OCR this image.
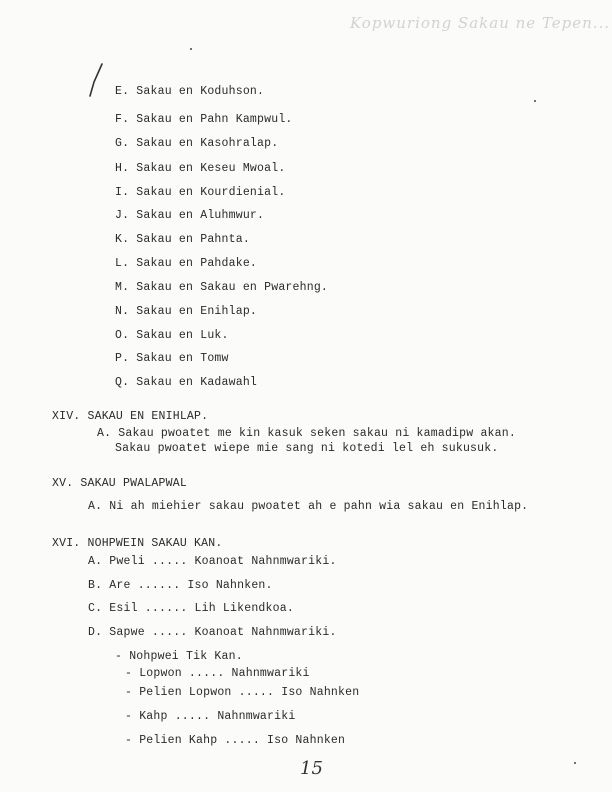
Kopwuriong Sakau ne Tepen...
E. Sakau en Koduhson.
F. Sakau en Pahn Kampwul.
G. Sakau en Kasohralap.
H. Sakau en Keseu Mwoal.
I. Sakau en Kourdienial.
J. Sakau en Aluhmwur.
K. Sakau en Pahnta.
L. Sakau en Pahdake.
M. Sakau en Sakau en Pwarehng.
N. Sakau en Enihlap.
O. Sakau en Luk.
P. Sakau en Tomw
Q. Sakau en Kadawahl
XIV. SAKAU EN ENIHLAP.
A. Sakau pwoatet me kin kasuk seken sakau ni kamadipw akan.
Sakau pwoatet wiepe mie sang ni kotedi lel eh sukusuk.
XV. SAKAU PWALAPWAL
A. Ni ah miehier sakau pwoatet ah e pahn wia sakau en Enihlap.
XVI. NOHPWEIN SAKAU KAN.
A. Pweli ..... Koanoat Nahnmwariki.
B. Are ...... Iso Nahnken.
C. Esil ...... Lih Likendkoa.
D. Sapwe ..... Koanoat Nahnmwariki.
- Nohpwei Tik Kan.
- Lopwon ..... Nahnmwariki
- Pelien Lopwon ..... Iso Nahnken
- Kahp ..... Nahnmwariki
- Pelien Kahp ..... Iso Nahnken
15
